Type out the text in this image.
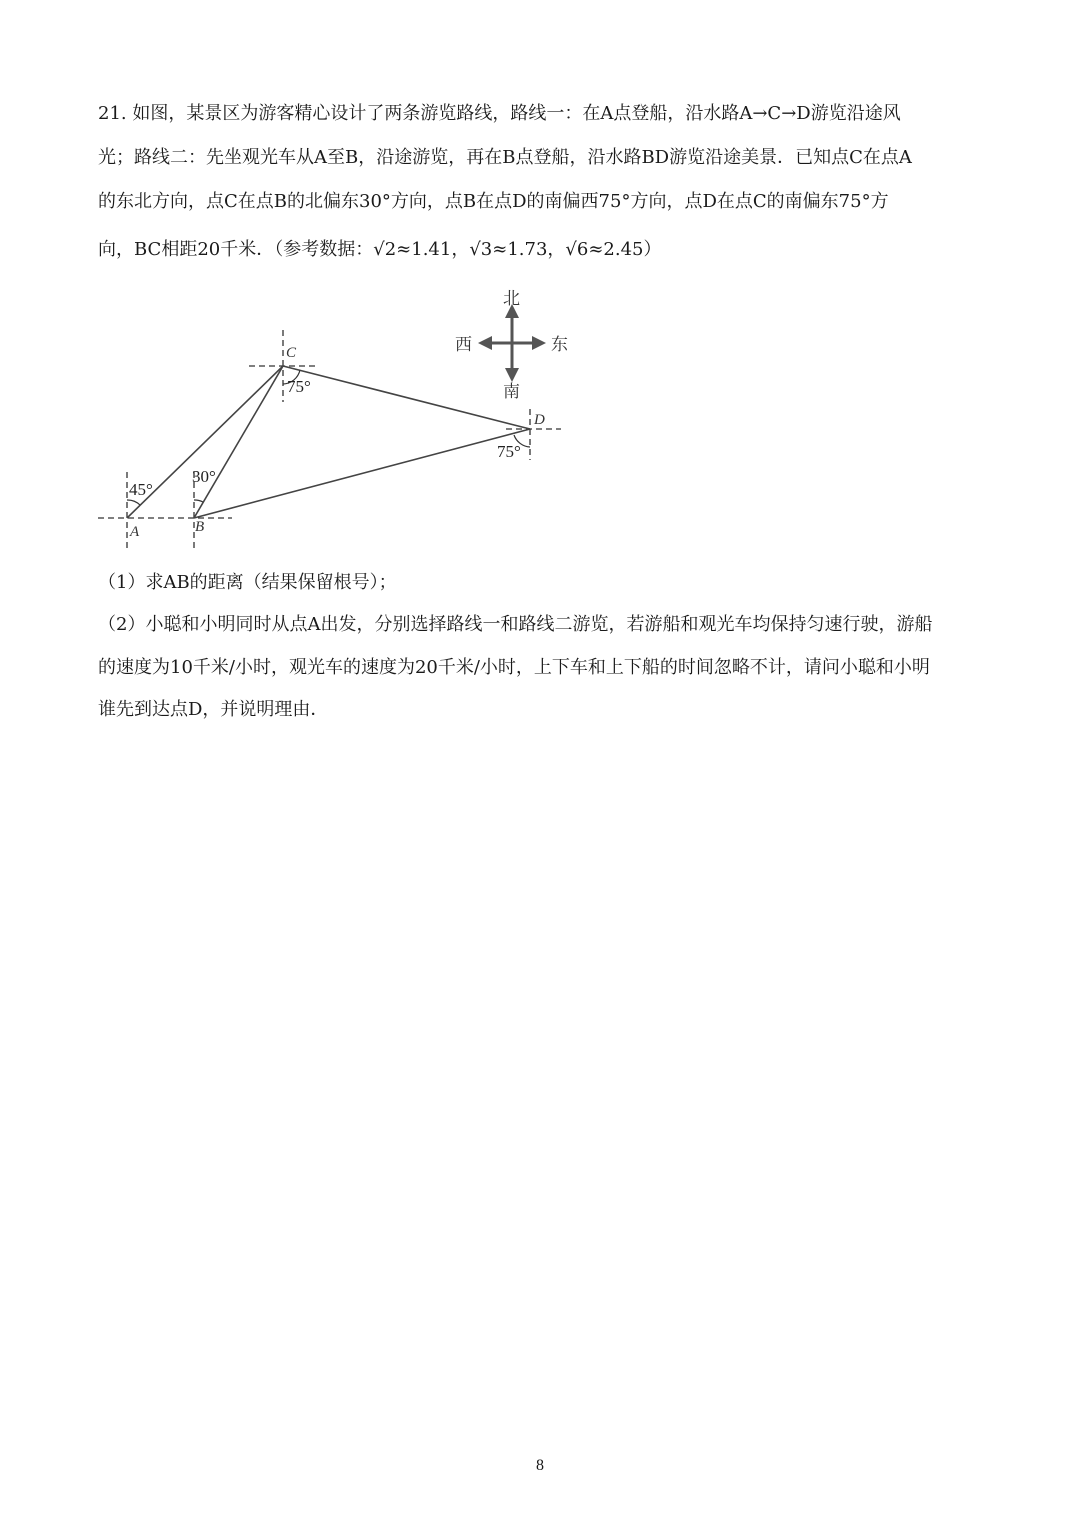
21. 如图，某景区为游客精心设计了两条游览路线，路线一：在A点登船，沿水路A→C→D游览沿途风
光；路线二：先坐观光车从A至B，沿途游览，再在B点登船，沿水路BD游览沿途美景．已知点C在点A
的东北方向，点C在点B的北偏东30°方向，点B在点D的南偏西75°方向，点D在点C的南偏东75°方
向，BC相距20千米．（参考数据：√2≈1.41，√3≈1.73，√6≈2.45）
45°
30°
75°
75°
A	B
C
D
北
南
西	东
（1）求AB的距离（结果保留根号）；
（2）小聪和小明同时从点A出发，分别选择路线一和路线二游览，若游船和观光车均保持匀速行驶，游船
的速度为10千米/小时，观光车的速度为20千米/小时，上下车和上下船的时间忽略不计，请问小聪和小明
谁先到达点D，并说明理由．
8
